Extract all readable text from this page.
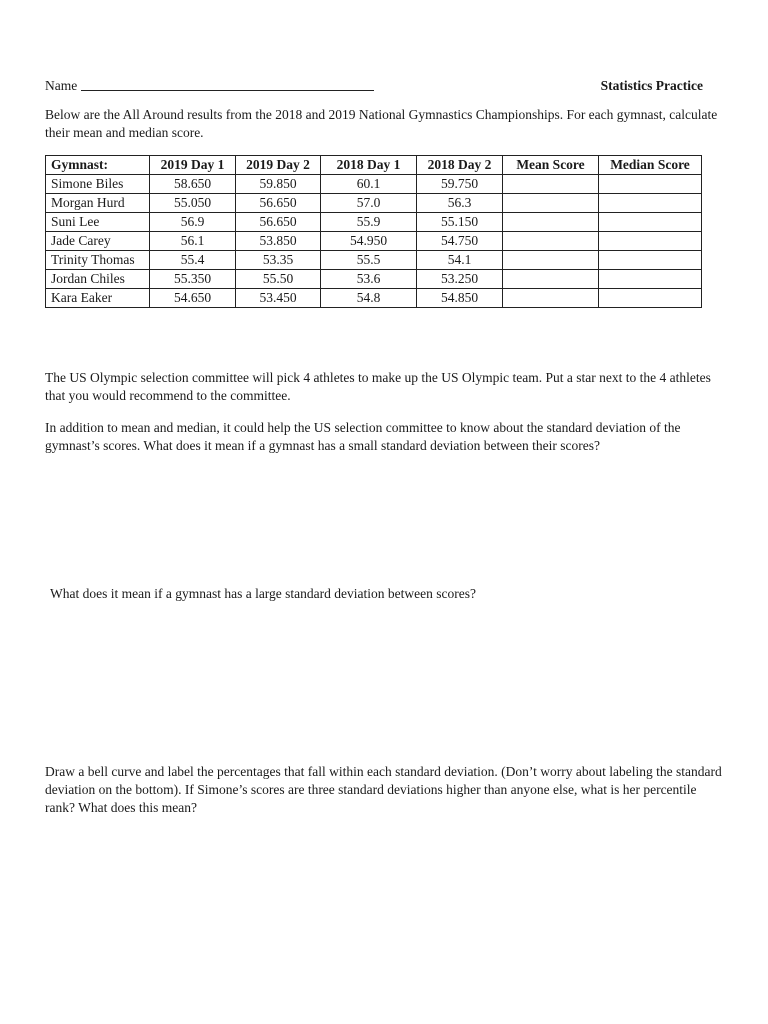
Name	Statistics Practice
Below are the All Around results from the 2018 and 2019 National Gymnastics Championships. For each gymnast, calculate their mean and median score.
Gymnast:	2019 Day 1	2019 Day 2	2018 Day 1	2018 Day 2	Mean Score	Median Score
Simone Biles	58.650	59.850	60.1	59.750		
Morgan Hurd	55.050	56.650	57.0	56.3		
Suni Lee	56.9	56.650	55.9	55.150		
Jade Carey	56.1	53.850	54.950	54.750		
Trinity Thomas	55.4	53.35	55.5	54.1		
Jordan Chiles	55.350	55.50	53.6	53.250		
Kara Eaker	54.650	53.450	54.8	54.850		
The US Olympic selection committee will pick 4 athletes to make up the US Olympic team. Put a star next to the 4 athletes that you would recommend to the committee.
In addition to mean and median, it could help the US selection committee to know about the standard deviation of the gymnast’s scores. What does it mean if a gymnast has a small standard deviation between their scores?
What does it mean if a gymnast has a large standard deviation between scores?
Draw a bell curve and label the percentages that fall within each standard deviation. (Don’t worry about labeling the standard deviation on the bottom). If Simone’s scores are three standard deviations higher than anyone else, what is her percentile rank? What does this mean?
